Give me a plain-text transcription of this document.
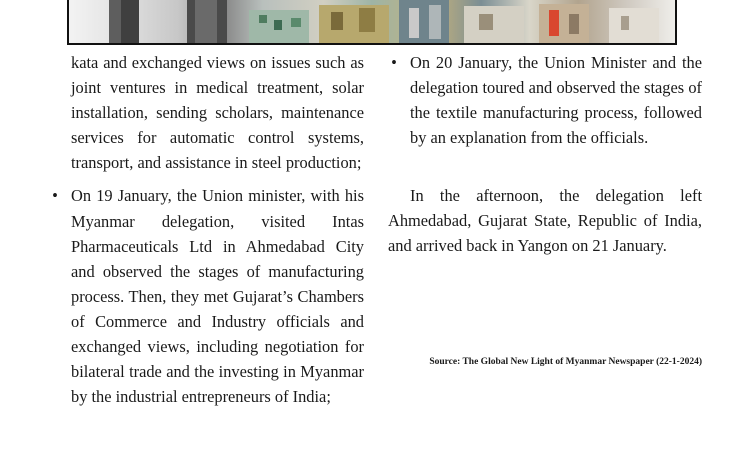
kata and exchanged views on issues such as joint ventures in medical treatment, solar installation, sending scholars, maintenance services for automatic control systems, transport, and assistance in steel production;

• On 19 January, the Union minister, with his Myanmar delegation, visited Intas Pharmaceuticals Ltd in Ahmedabad City and observed the stages of manufacturing process. Then, they met Gujarat’s Chambers of Commerce and Industry officials and exchanged views, including negotiation for bilateral trade and the investing in Myanmar by the industrial entrepreneurs of India;

• On 20 January, the Union Minister and the delegation toured and observed the stages of the textile manufacturing process, followed by an explanation from the officials.

In the afternoon, the delegation left Ahmedabad, Gujarat State, Republic of India, and arrived back in Yangon on 21 January.

Source: The Global New Light of Myanmar Newspaper (22-1-2024)
